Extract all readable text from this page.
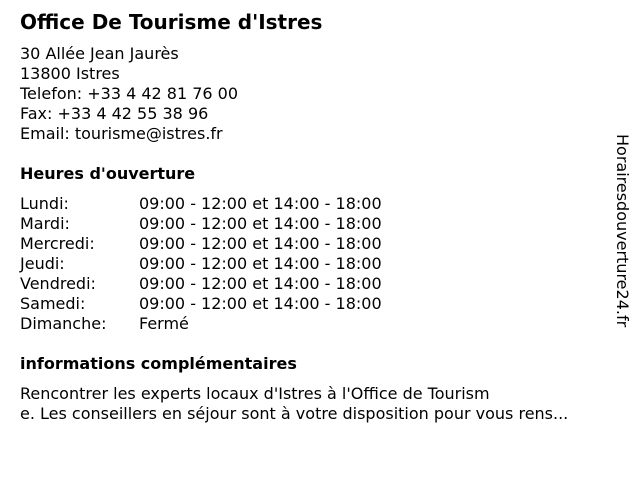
Office De Tourisme d'Istres
30 Allée Jean Jaurès
13800 Istres
Telefon: +33 4 42 81 76 00
Fax: +33 4 42 55 38 96
Email: tourisme@istres.fr
Heures d'ouverture
Lundi:	09:00 - 12:00 et 14:00 - 18:00
Mardi:	09:00 - 12:00 et 14:00 - 18:00
Mercredi:	09:00 - 12:00 et 14:00 - 18:00
Jeudi:	09:00 - 12:00 et 14:00 - 18:00
Vendredi:	09:00 - 12:00 et 14:00 - 18:00
Samedi:	09:00 - 12:00 et 14:00 - 18:00
Dimanche: Fermé
informations complémentaires
Rencontrer les experts locaux d'Istres à l'Office de Tourism
e. Les conseillers en séjour sont à votre disposition pour vous rens...
Horairesdouverture24.fr
